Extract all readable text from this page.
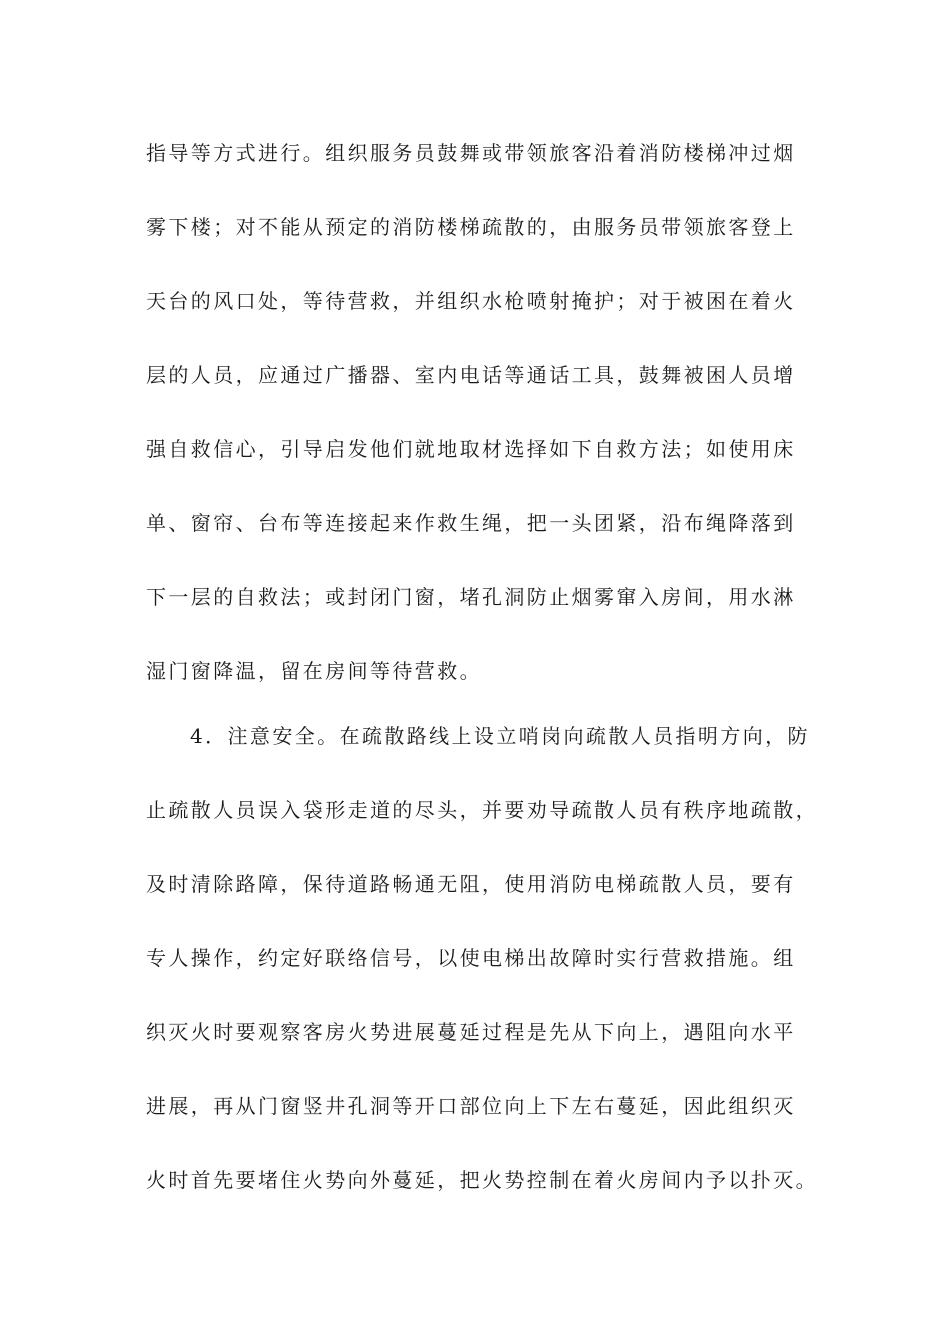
指导等方式进行。组织服务员鼓舞或带领旅客沿着消防楼梯冲过烟
雾下楼；对不能从预定的消防楼梯疏散的，由服务员带领旅客登上
天台的风口处，等待营救，并组织水枪喷射掩护；对于被困在着火
层的人员，应通过广播器、室内电话等通话工具，鼓舞被困人员增
强自救信心，引导启发他们就地取材选择如下自救方法；如使用床
单、窗帘、台布等连接起来作救生绳，把一头团紧，沿布绳降落到
下一层的自救法；或封闭门窗，堵孔洞防止烟雾窜入房间，用水淋
湿门窗降温，留在房间等待营救。
4．注意安全。在疏散路线上设立哨岗向疏散人员指明方向，防
止疏散人员误入袋形走道的尽头，并要劝导疏散人员有秩序地疏散，
及时清除路障，保待道路畅通无阻，使用消防电梯疏散人员，要有
专人操作，约定好联络信号，以使电梯出故障时实行营救措施。组
织灭火时要观察客房火势进展蔓延过程是先从下向上，遇阻向水平
进展，再从门窗竖井孔洞等开口部位向上下左右蔓延，因此组织灭
火时首先要堵住火势向外蔓延，把火势控制在着火房间内予以扑灭。
